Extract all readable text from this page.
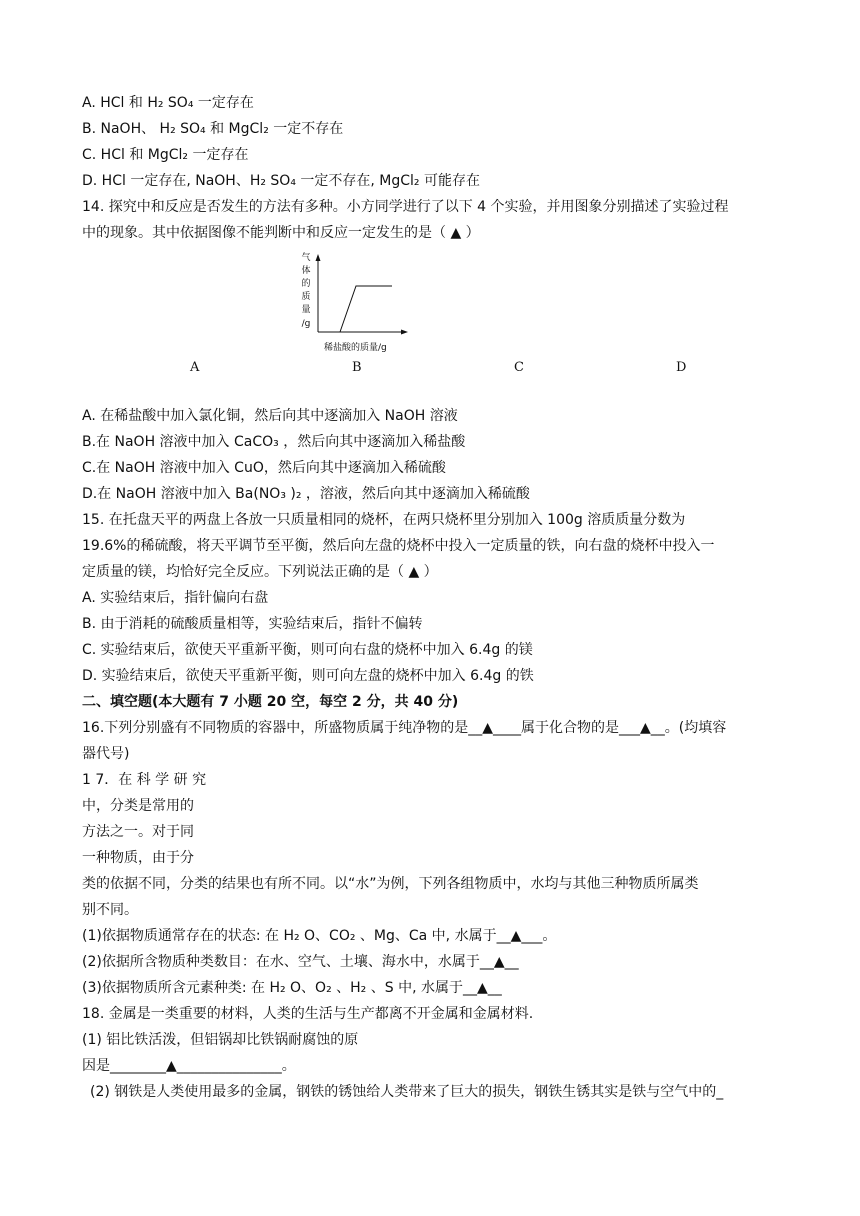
A. HCl 和 H₂ SO₄ 一定存在
B. NaOH、 H₂ SO₄ 和 MgCl₂ 一定不存在
C. HCl 和 MgCl₂ 一定存在
D. HCl 一定存在, NaOH、H₂ SO₄ 一定不存在, MgCl₂ 可能存在
14. 探究中和反应是否发生的方法有多种。小方同学进行了以下 4 个实验，并用图象分别描述了实验过程
中的现象。其中依据图像不能判断中和反应一定发生的是（ ▲ ）
气
体
的
质
量
/g
稀盐酸的质量/g
A	B	C	D
A. 在稀盐酸中加入氯化铜，然后向其中逐滴加入 NaOH 溶液
B.在 NaOH 溶液中加入 CaCO₃ ，然后向其中逐滴加入稀盐酸
C.在 NaOH 溶液中加入 CuO，然后向其中逐滴加入稀硫酸
D.在 NaOH 溶液中加入 Ba(NO₃ )₂ ，溶液，然后向其中逐滴加入稀硫酸
15. 在托盘天平的两盘上各放一只质量相同的烧杯，在两只烧杯里分别加入 100g 溶质质量分数为
19.6%的稀硫酸，将天平调节至平衡，然后向左盘的烧杯中投入一定质量的铁，向右盘的烧杯中投入一
定质量的镁，均恰好完全反应。下列说法正确的是（ ▲ ）
A. 实验结束后，指针偏向右盘
B. 由于消耗的硫酸质量相等，实验结束后，指针不偏转
C. 实验结束后，欲使天平重新平衡，则可向右盘的烧杯中加入 6.4g 的镁
D. 实验结束后，欲使天平重新平衡，则可向左盘的烧杯中加入 6.4g 的铁
二、填空题(本大题有 7 小题 20 空，每空 2 分，共 40 分)
16.下列分别盛有不同物质的容器中，所盛物质属于纯净物的是__▲____属于化合物的是___▲__。(均填容
器代号)
1 7．在 科 学 研 究
中，分类是常用的
方法之一。对于同
一种物质，由于分
类的依据不同，分类的结果也有所不同。以“水”为例，下列各组物质中，水均与其他三种物质所属类
别不同。
(1)依据物质通常存在的状态: 在 H₂ O、CO₂ 、Mg、Ca 中, 水属于__▲___。
(2)依据所含物质种类数目：在水、空气、土壤、海水中，水属于__▲__
(3)依据物质所含元素种类: 在 H₂ O、O₂ 、H₂ 、S 中, 水属于__▲__
18. 金属是一类重要的材料，人类的生活与生产都离不开金属和金属材料.
(1) 铝比铁活泼，但铝锅却比铁锅耐腐蚀的原
因是________▲_______________。
(2) 钢铁是人类使用最多的金属，钢铁的锈蚀给人类带来了巨大的损失，钢铁生锈其实是铁与空气中的_
